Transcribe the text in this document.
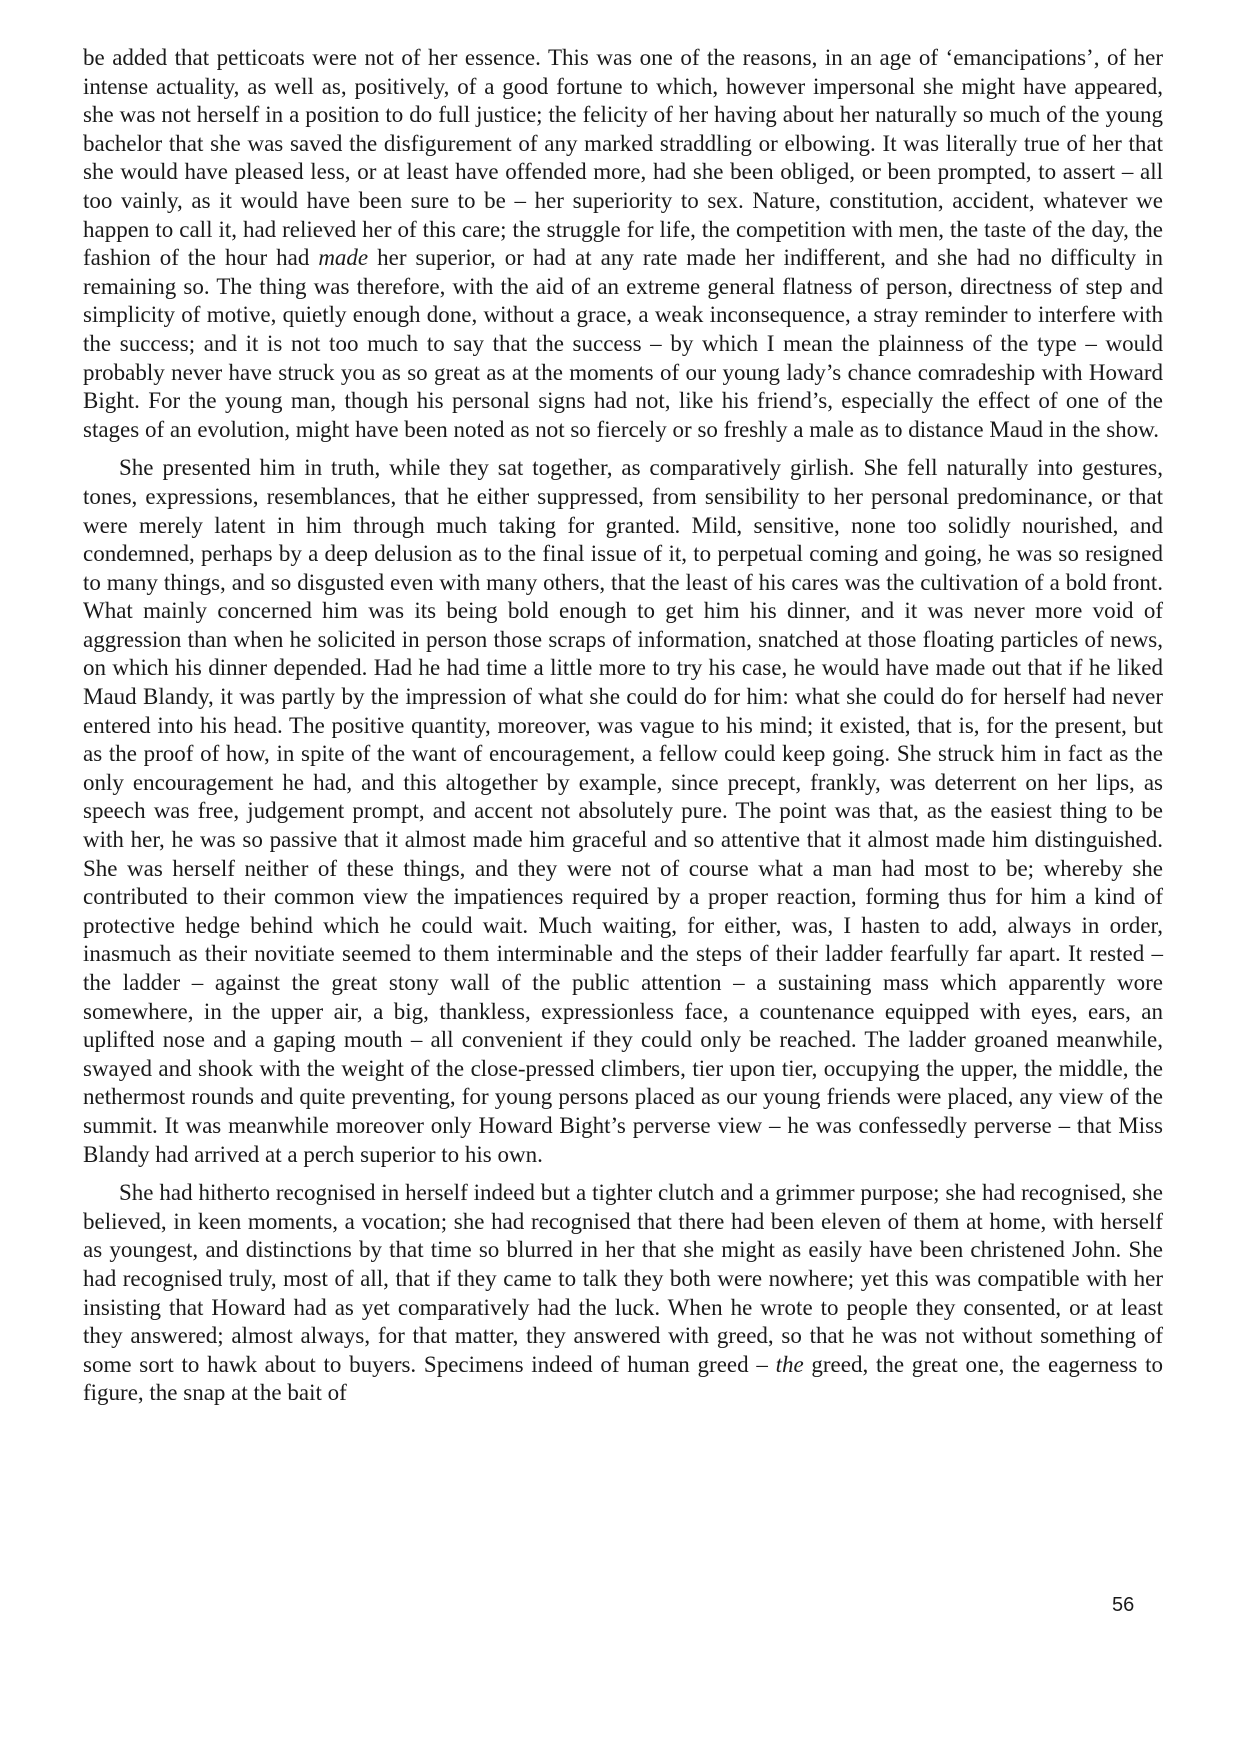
be added that petticoats were not of her essence. This was one of the reasons, in an age of ‘emancipations’, of her intense actuality, as well as, positively, of a good fortune to which, however impersonal she might have appeared, she was not herself in a position to do full justice; the felicity of her having about her naturally so much of the young bachelor that she was saved the disfigurement of any marked straddling or elbowing. It was literally true of her that she would have pleased less, or at least have offended more, had she been obliged, or been prompted, to assert – all too vainly, as it would have been sure to be – her superiority to sex. Nature, constitution, accident, whatever we happen to call it, had relieved her of this care; the struggle for life, the competition with men, the taste of the day, the fashion of the hour had made her superior, or had at any rate made her indifferent, and she had no difficulty in remaining so. The thing was therefore, with the aid of an extreme general flatness of person, directness of step and simplicity of motive, quietly enough done, without a grace, a weak inconsequence, a stray reminder to interfere with the success; and it is not too much to say that the success – by which I mean the plainness of the type – would probably never have struck you as so great as at the moments of our young lady’s chance comradeship with Howard Bight. For the young man, though his personal signs had not, like his friend’s, especially the effect of one of the stages of an evolution, might have been noted as not so fiercely or so freshly a male as to distance Maud in the show.

She presented him in truth, while they sat together, as comparatively girlish. She fell naturally into gestures, tones, expressions, resemblances, that he either suppressed, from sensibility to her personal predominance, or that were merely latent in him through much taking for granted. Mild, sensitive, none too solidly nourished, and condemned, perhaps by a deep delusion as to the final issue of it, to perpetual coming and going, he was so resigned to many things, and so disgusted even with many others, that the least of his cares was the cultivation of a bold front. What mainly concerned him was its being bold enough to get him his dinner, and it was never more void of aggression than when he solicited in person those scraps of information, snatched at those floating particles of news, on which his dinner depended. Had he had time a little more to try his case, he would have made out that if he liked Maud Blandy, it was partly by the impression of what she could do for him: what she could do for herself had never entered into his head. The positive quantity, moreover, was vague to his mind; it existed, that is, for the present, but as the proof of how, in spite of the want of encouragement, a fellow could keep going. She struck him in fact as the only encouragement he had, and this altogether by example, since precept, frankly, was deterrent on her lips, as speech was free, judgement prompt, and accent not absolutely pure. The point was that, as the easiest thing to be with her, he was so passive that it almost made him graceful and so attentive that it almost made him distinguished. She was herself neither of these things, and they were not of course what a man had most to be; whereby she contributed to their common view the impatiences required by a proper reaction, forming thus for him a kind of protective hedge behind which he could wait. Much waiting, for either, was, I hasten to add, always in order, inasmuch as their novitiate seemed to them interminable and the steps of their ladder fearfully far apart. It rested – the ladder – against the great stony wall of the public attention – a sustaining mass which apparently wore somewhere, in the upper air, a big, thankless, expressionless face, a countenance equipped with eyes, ears, an uplifted nose and a gaping mouth – all convenient if they could only be reached. The ladder groaned meanwhile, swayed and shook with the weight of the close-pressed climbers, tier upon tier, occupying the upper, the middle, the nethermost rounds and quite preventing, for young persons placed as our young friends were placed, any view of the summit. It was meanwhile moreover only Howard Bight’s perverse view – he was confessedly perverse – that Miss Blandy had arrived at a perch superior to his own.

She had hitherto recognised in herself indeed but a tighter clutch and a grimmer purpose; she had recognised, she believed, in keen moments, a vocation; she had recognised that there had been eleven of them at home, with herself as youngest, and distinctions by that time so blurred in her that she might as easily have been christened John. She had recognised truly, most of all, that if they came to talk they both were nowhere; yet this was compatible with her insisting that Howard had as yet comparatively had the luck. When he wrote to people they consented, or at least they answered; almost always, for that matter, they answered with greed, so that he was not without something of some sort to hawk about to buyers. Specimens indeed of human greed – the greed, the great one, the eagerness to figure, the snap at the bait of

56
